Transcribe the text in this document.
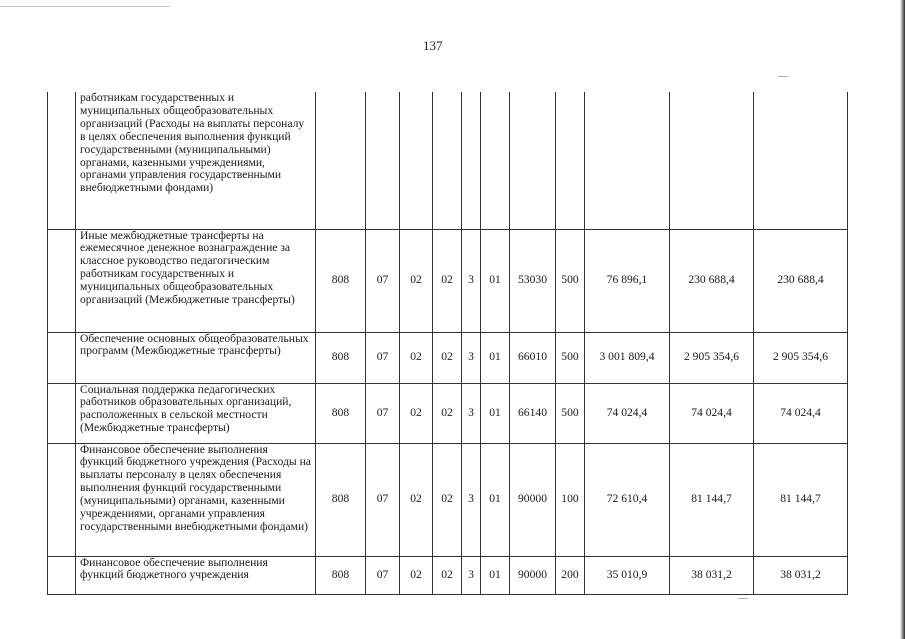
137
	работникам государственных и муниципальных общеобразовательных организаций (Расходы на выплаты персоналу в целях обеспечения выполнения функций государственными (муниципальными) органами, казенными учреждениями, органами управления государственными внебюджетными фондами)											
	Иные межбюджетные трансферты на ежемесячное денежное вознаграждение за классное руководство педагогическим работникам государственных и муниципальных общеобразовательных организаций (Межбюджетные трансферты)	808	07	02	02	3	01	53030	500	76 896,1	230 688,4	230 688,4
	Обеспечение основных общеобразовательных программ (Межбюджетные трансферты)	808	07	02	02	3	01	66010	500	3 001 809,4	2 905 354,6	2 905 354,6
	Социальная поддержка педагогических работников образовательных организаций, расположенных в сельской местности (Межбюджетные трансферты)	808	07	02	02	3	01	66140	500	74 024,4	74 024,4	74 024,4
	Финансовое обеспечение выполнения функций бюджетного учреждения (Расходы на выплаты персоналу в целях обеспечения выполнения функций государственными (муниципальными) органами, казенными учреждениями, органами управления государственными внебюджетными фондами)	808	07	02	02	3	01	90000	100	72 610,4	81 144,7	81 144,7
	Финансовое обеспечение выполнения функций бюджетного учреждения	808	07	02	02	3	01	90000	200	35 010,9	38 031,2	38 031,2
